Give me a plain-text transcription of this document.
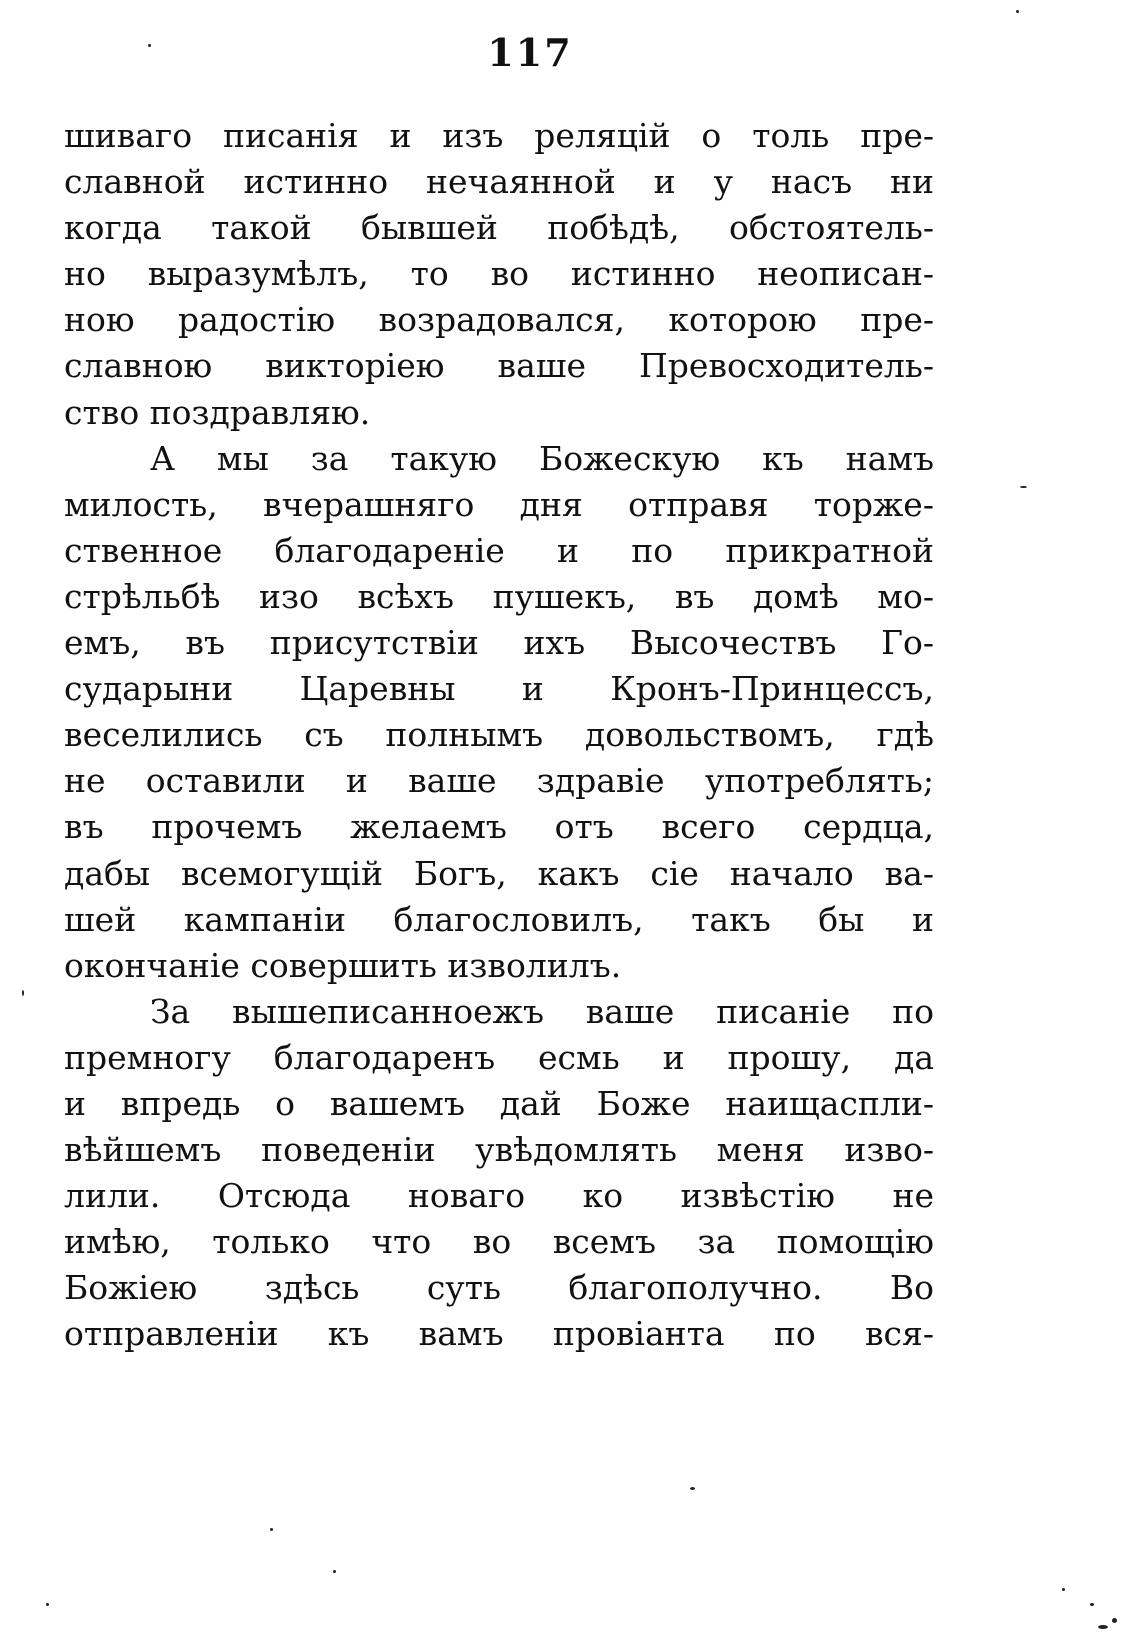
117
шиваго писанія и изъ реляцій о толь пре-
славной истинно нечаянной и у насъ ни
когда такой бывшей побѣдѣ, обстоятель-
но выразумѣлъ, то во истинно неописан-
ною радостію возрадовался, которою пре-
славною викторіею ваше Превосходитель-
ство поздравляю.
А мы за такую Божескую къ намъ
милость, вчерашняго дня отправя торже-
ственное благодареніе и по прикратной
стрѣльбѣ изо всѣхъ пушекъ, въ домѣ мо-
емъ, въ присутствіи ихъ Высочествъ Го-
сударыни Царевны и Кронъ-Принцессъ,
веселились съ полнымъ довольствомъ, гдѣ
не оставили и ваше здравіе употреблять;
въ прочемъ желаемъ отъ всего сердца,
дабы всемогущій Богъ, какъ сіе начало ва-
шей кампаніи благословилъ, такъ бы и
окончаніе совершить изволилъ.
За вышеписанноежъ ваше писаніе по
премногу благодаренъ есмь и прошу, да
и впредь о вашемъ дай Боже наищаспли-
вѣйшемъ поведеніи увѣдомлять меня изво-
лили. Отсюда новаго ко извѣстію не
имѣю, только что во всемъ за помощію
Божіею здѣсь суть благополучно. Во
отправленіи къ вамъ провіанта по вся-
